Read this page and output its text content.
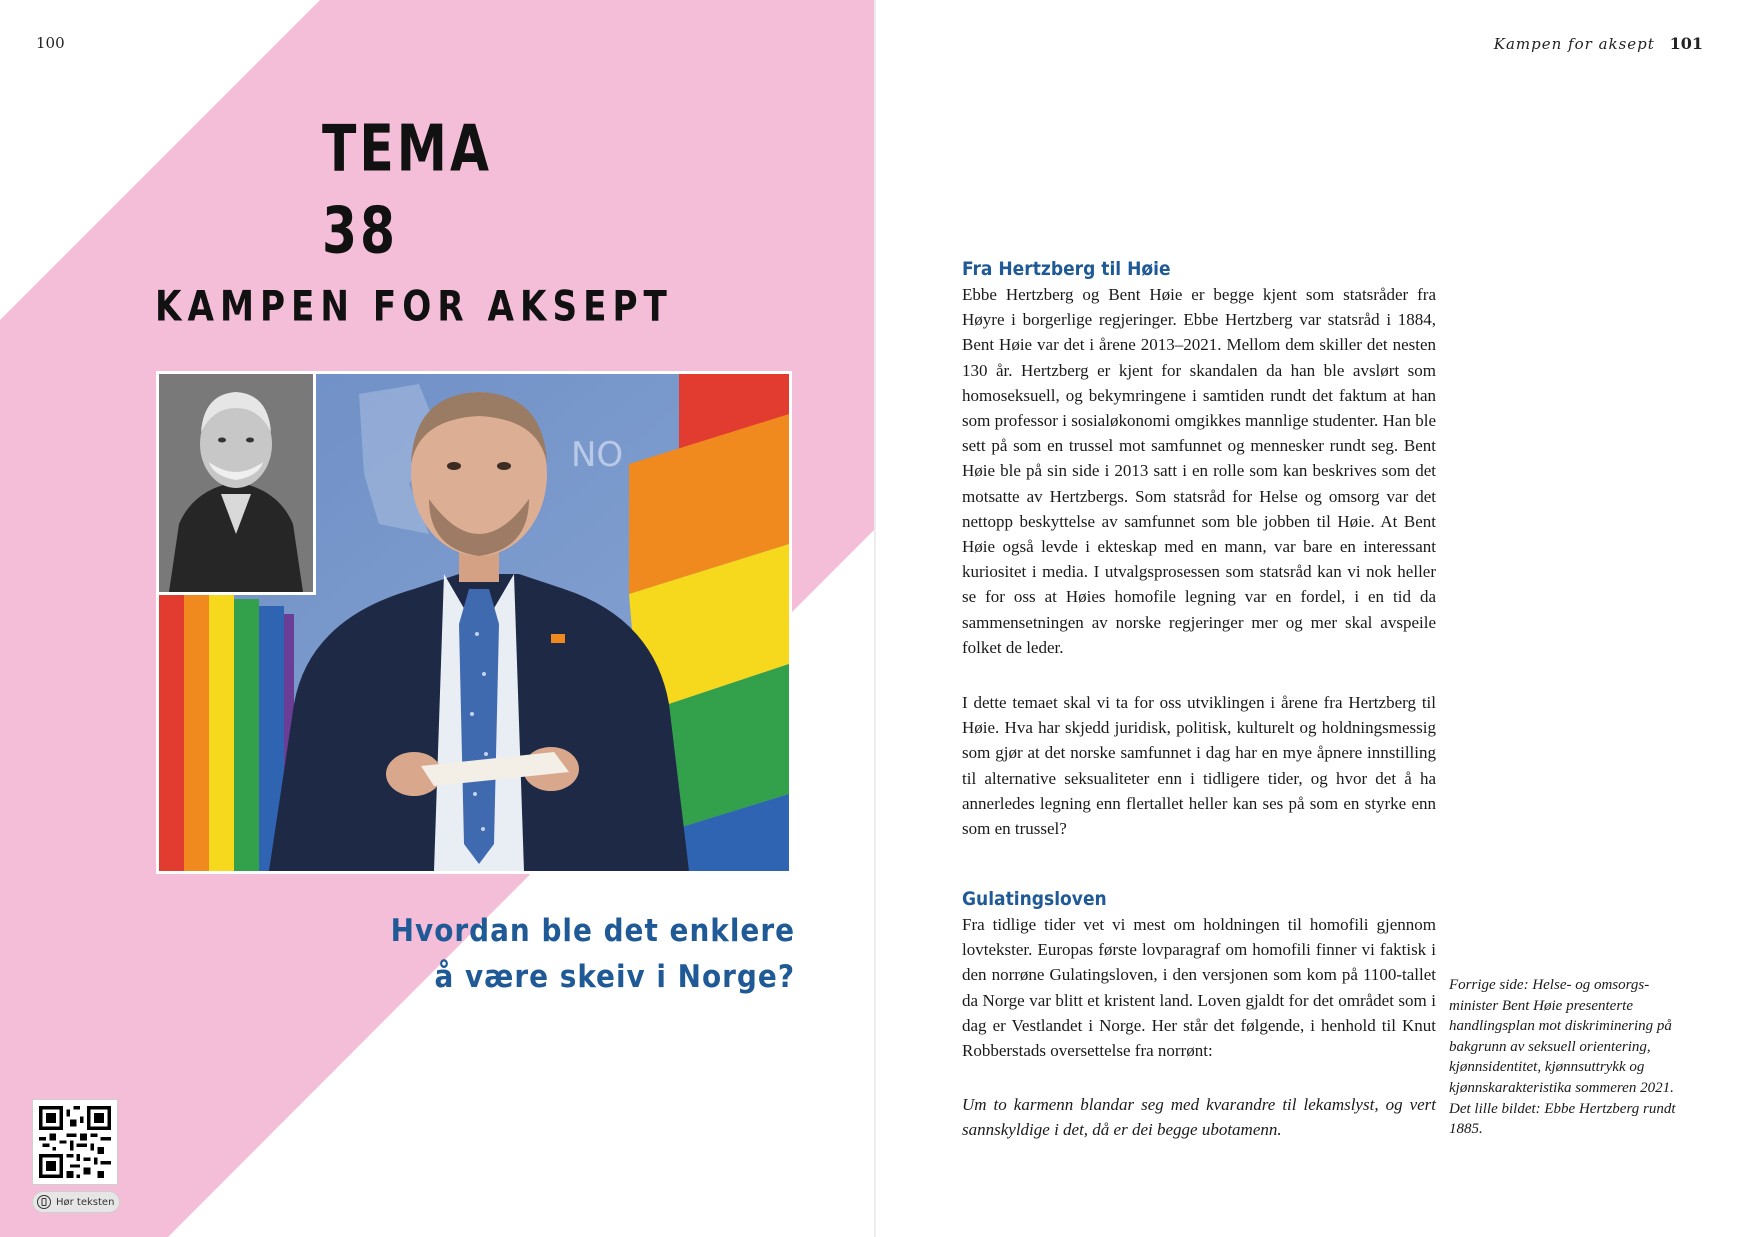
100
TEMA
38
KAMPEN FOR AKSEPT
NO
Hvordan ble det enklere
å være skeiv i Norge?
Hør teksten
Kampen for aksept 101
Fra Hertzberg til Høie

Ebbe Hertzberg og Bent Høie er begge kjent som statsråder fra Høyre i borgerlige regjeringer. Ebbe Hertzberg var statsråd i 1884, Bent Høie var det i årene 2013–2021. Mellom dem skiller det nesten 130 år. Hertzberg er kjent for skandalen da han ble avslørt som homoseksuell, og bekymringene i samtiden rundt det faktum at han som professor i sosialøkonomi omgikkes mannlige studenter. Han ble sett på som en trussel mot samfunnet og mennesker rundt seg. Bent Høie ble på sin side i 2013 satt i en rolle som kan beskrives som det motsatte av Hertzbergs. Som statsråd for Helse og omsorg var det nettopp beskyttelse av samfunnet som ble jobben til Høie. At Bent Høie også levde i ekteskap med en mann, var bare en interessant kuriositet i media. I utvalgsprosessen som statsråd kan vi nok heller se for oss at Høies homofile legning var en fordel, i en tid da sammensetningen av norske regjeringer mer og mer skal avspeile folket de leder.

I dette temaet skal vi ta for oss utviklingen i årene fra Hertzberg til Høie. Hva har skjedd juridisk, politisk, kulturelt og holdningsmessig som gjør at det norske samfunnet i dag har en mye åpnere innstilling til alternative seksualiteter enn i tidligere tider, og hvor det å ha annerledes legning enn flertallet heller kan ses på som en styrke enn som en trussel?

Gulatingsloven

Fra tidlige tider vet vi mest om holdningen til homofili gjennom lovtekster. Europas første lovparagraf om homofili finner vi faktisk i den norrøne Gulatingsloven, i den versjonen som kom på 1100-tallet da Norge var blitt et kristent land. Loven gjaldt for det området som i dag er Vestlandet i Norge. Her står det følgende, i henhold til Knut Robberstads oversettelse fra norrønt:

Um to karmenn blandar seg med kvarandre til lekamslyst, og vert sannskyldige i det, då er dei begge ubotamenn.

Forrige side: Helse- og omsorgsminister Bent Høie presenterte handlingsplan mot diskriminering på bakgrunn av seksuell orientering, kjønnsidentitet, kjønnsuttrykk og kjønnskarakteristika sommeren 2021. Det lille bildet: Ebbe Hertzberg rundt 1885.
